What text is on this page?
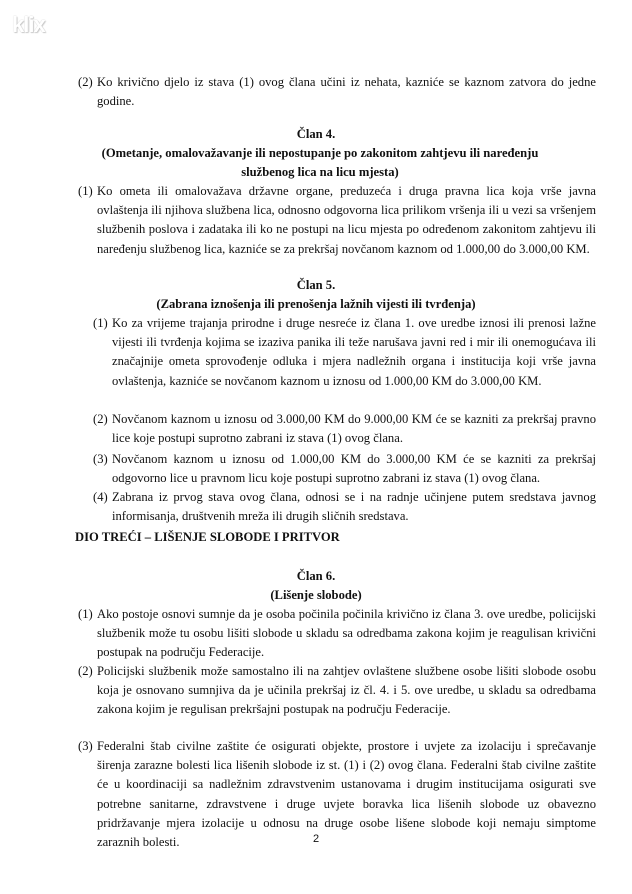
klix
(2) Ko krivično djelo iz stava (1) ovog člana učini iz nehata, kazniće se kaznom zatvora do jedne godine.
Član 4.
(Ometanje, omalovažavanje ili nepostupanje po zakonitom zahtjevu ili naređenju
službenog lica na licu mjesta)
(1) Ko ometa ili omalovažava državne organe, preduzeća i druga pravna lica koja vrše javna ovlaštenja ili njihova službena lica, odnosno odgovorna lica prilikom vršenja ili u vezi sa vršenjem službenih poslova i zadataka ili ko ne postupi na licu mjesta po određenom zakonitom zahtjevu ili naređenju službenog lica, kazniće se za prekršaj novčanom kaznom od 1.000,00 do 3.000,00 KM.
Član 5.
(Zabrana iznošenja ili prenošenja lažnih vijesti ili tvrđenja)
(1) Ko za vrijeme trajanja prirodne i druge nesreće iz člana 1. ove uredbe iznosi ili prenosi lažne vijesti ili tvrđenja kojima se izaziva panika ili teže narušava javni red i mir ili onemogućava ili značajnije ometa sprovođenje odluka i mjera nadležnih organa i institucija koji vrše javna ovlaštenja, kazniće se novčanom kaznom u iznosu od 1.000,00 KM do 3.000,00 KM.
(2) Novčanom kaznom u iznosu od 3.000,00 KM do 9.000,00 KM će se kazniti za prekršaj pravno lice koje postupi suprotno zabrani iz stava (1) ovog člana.
(3) Novčanom kaznom u iznosu od 1.000,00 KM do 3.000,00 KM će se kazniti za prekršaj odgovorno lice u pravnom licu koje postupi suprotno zabrani iz stava (1) ovog člana.
(4) Zabrana iz prvog stava ovog člana, odnosi se i na radnje učinjene putem sredstava javnog informisanja, društvenih mreža ili drugih sličnih sredstava.
DIO TREĆI – LIŠENJE SLOBODE I PRITVOR
Član 6.
(Lišenje slobode)
(1) Ako postoje osnovi sumnje da je osoba počinila počinila krivično iz člana 3. ove uredbe, policijski službenik može tu osobu lišiti slobode u skladu sa odredbama zakona kojim je reagulisan krivični postupak na području Federacije.
(2) Policijski službenik može samostalno ili na zahtjev ovlaštene službene osobe lišiti slobode osobu koja je osnovano sumnjiva da je učinila prekršaj iz čl. 4. i 5. ove uredbe, u skladu sa odredbama zakona kojim je regulisan prekršajni postupak na području Federacije.
(3) Federalni štab civilne zaštite će osigurati objekte, prostore i uvjete za izolaciju i sprečavanje širenja zarazne bolesti lica lišenih slobode iz st. (1) i (2) ovog člana. Federalni štab civilne zaštite će u koordinaciji sa nadležnim zdravstvenim ustanovama i drugim institucijama osigurati sve potrebne sanitarne, zdravstvene i druge uvjete boravka lica lišenih slobode uz obavezno pridržavanje mjera izolacije u odnosu na druge osobe lišene slobode koji nemaju simptome zaraznih bolesti.	2
